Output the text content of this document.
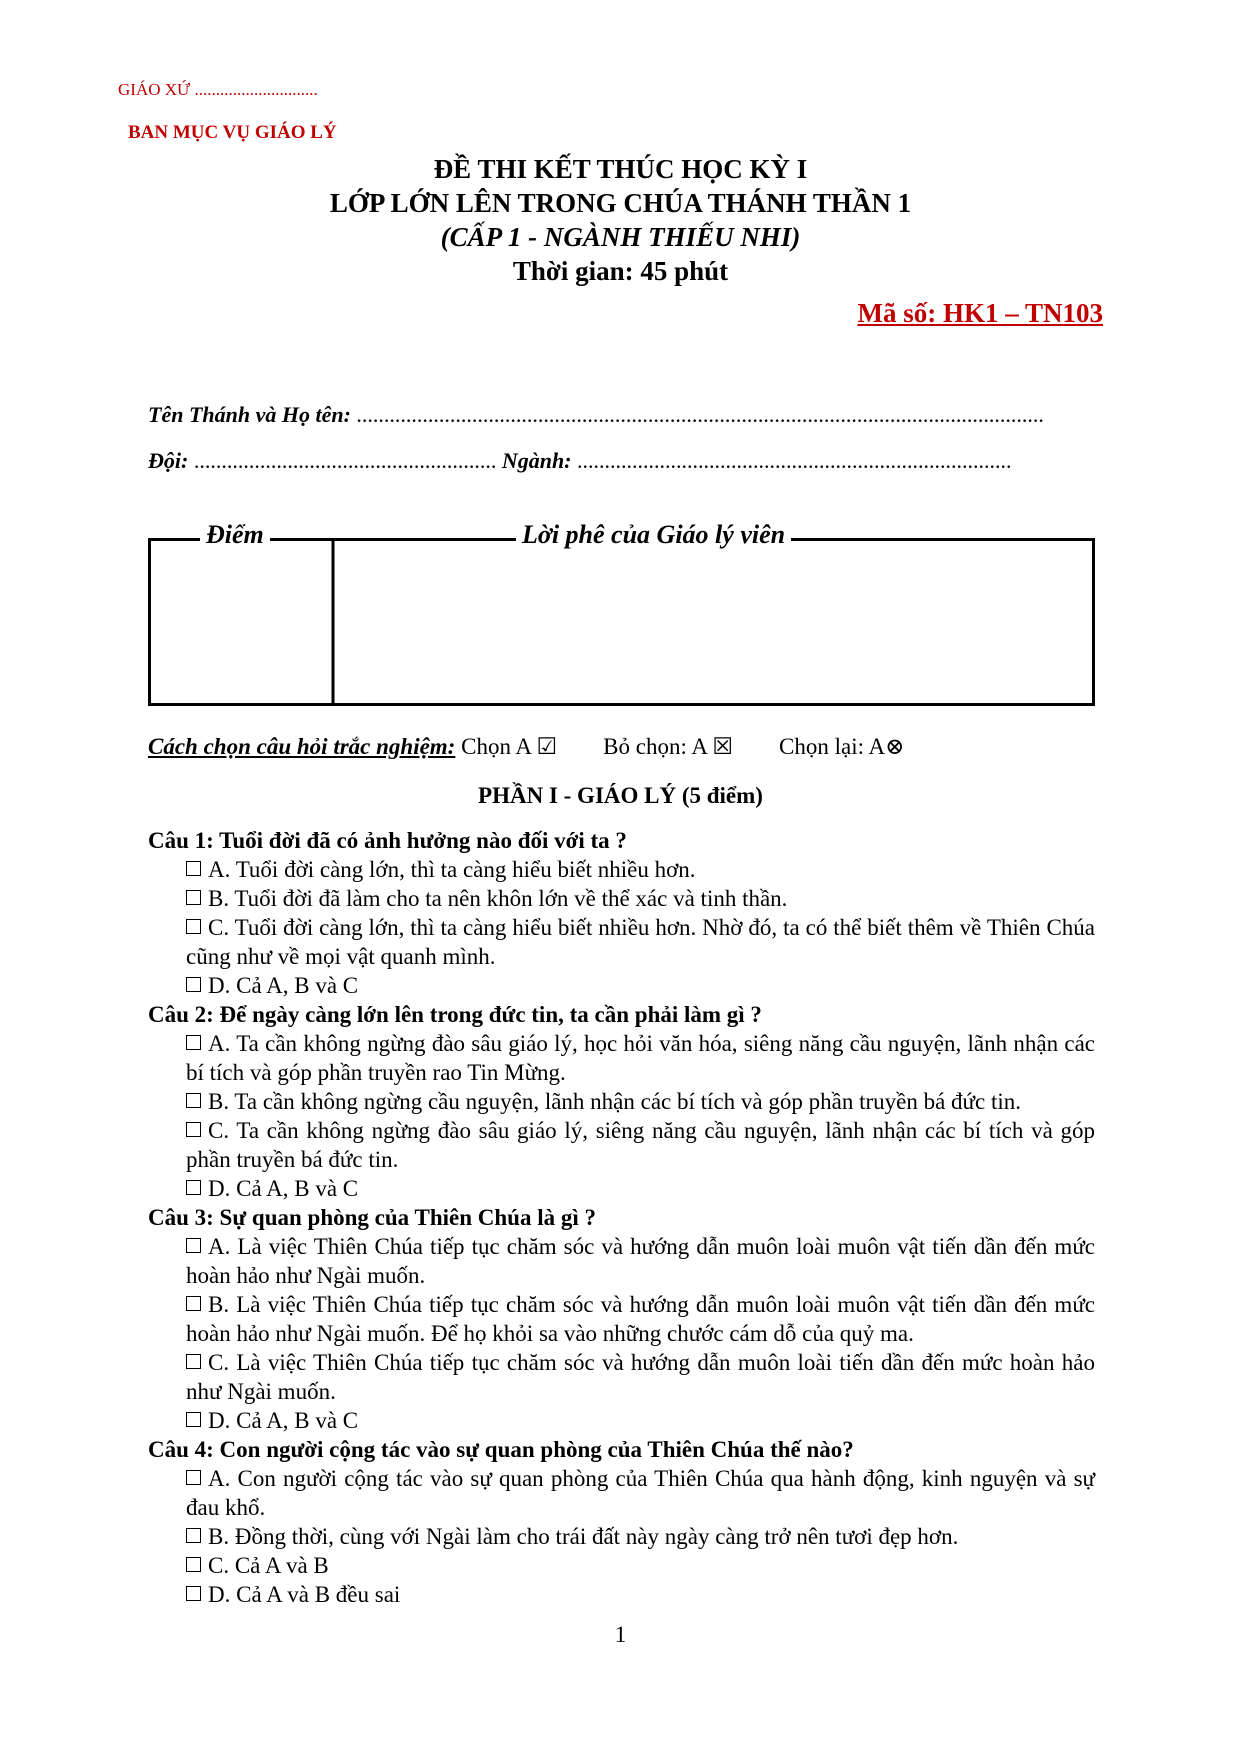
GIÁO XỨ .............................
BAN MỤC VỤ GIÁO LÝ
ĐỀ THI KẾT THÚC HỌC KỲ I
LỚP LỚN LÊN TRONG CHÚA THÁNH THẦN 1
(CẤP 1 - NGÀNH THIẾU NHI)
Thời gian: 45 phút
Mã số: HK1 – TN103
Tên Thánh và Họ tên: .............................................................................................................................
Đội: ....................................................... Ngành: ...............................................................................
Điểm	Lời phê của Giáo lý viên
Cách chọn câu hỏi trắc nghiệm: Chọn A ☑ Bỏ chọn: A ☒ Chọn lại: A⊗
PHẦN I - GIÁO LÝ (5 điểm)
Câu 1: Tuổi đời đã có ảnh hưởng nào đối với ta ?
A. Tuổi đời càng lớn, thì ta càng hiểu biết nhiều hơn.
B. Tuổi đời đã làm cho ta nên khôn lớn về thể xác và tinh thần.
C. Tuổi đời càng lớn, thì ta càng hiểu biết nhiều hơn. Nhờ đó, ta có thể biết thêm về Thiên Chúa cũng như về mọi vật quanh mình.
D. Cả A, B và C
Câu 2: Để ngày càng lớn lên trong đức tin, ta cần phải làm gì ?
A. Ta cần không ngừng đào sâu giáo lý, học hỏi văn hóa, siêng năng cầu nguyện, lãnh nhận các bí tích và góp phần truyền rao Tin Mừng.
B. Ta cần không ngừng cầu nguyện, lãnh nhận các bí tích và góp phần truyền bá đức tin.
C. Ta cần không ngừng đào sâu giáo lý, siêng năng cầu nguyện, lãnh nhận các bí tích và góp phần truyền bá đức tin.
D. Cả A, B và C
Câu 3: Sự quan phòng của Thiên Chúa là gì ?
A. Là việc Thiên Chúa tiếp tục chăm sóc và hướng dẫn muôn loài muôn vật tiến dần đến mức hoàn hảo như Ngài muốn.
B. Là việc Thiên Chúa tiếp tục chăm sóc và hướng dẫn muôn loài muôn vật tiến dần đến mức hoàn hảo như Ngài muốn. Để họ khỏi sa vào những chước cám dỗ của quỷ ma.
C. Là việc Thiên Chúa tiếp tục chăm sóc và hướng dẫn muôn loài tiến dần đến mức hoàn hảo như Ngài muốn.
D. Cả A, B và C
Câu 4: Con người cộng tác vào sự quan phòng của Thiên Chúa thế nào?
A. Con người cộng tác vào sự quan phòng của Thiên Chúa qua hành động, kinh nguyện và sự đau khổ.
B. Đồng thời, cùng với Ngài làm cho trái đất này ngày càng trở nên tươi đẹp hơn.
C. Cả A và B
D. Cả A và B đều sai
1
